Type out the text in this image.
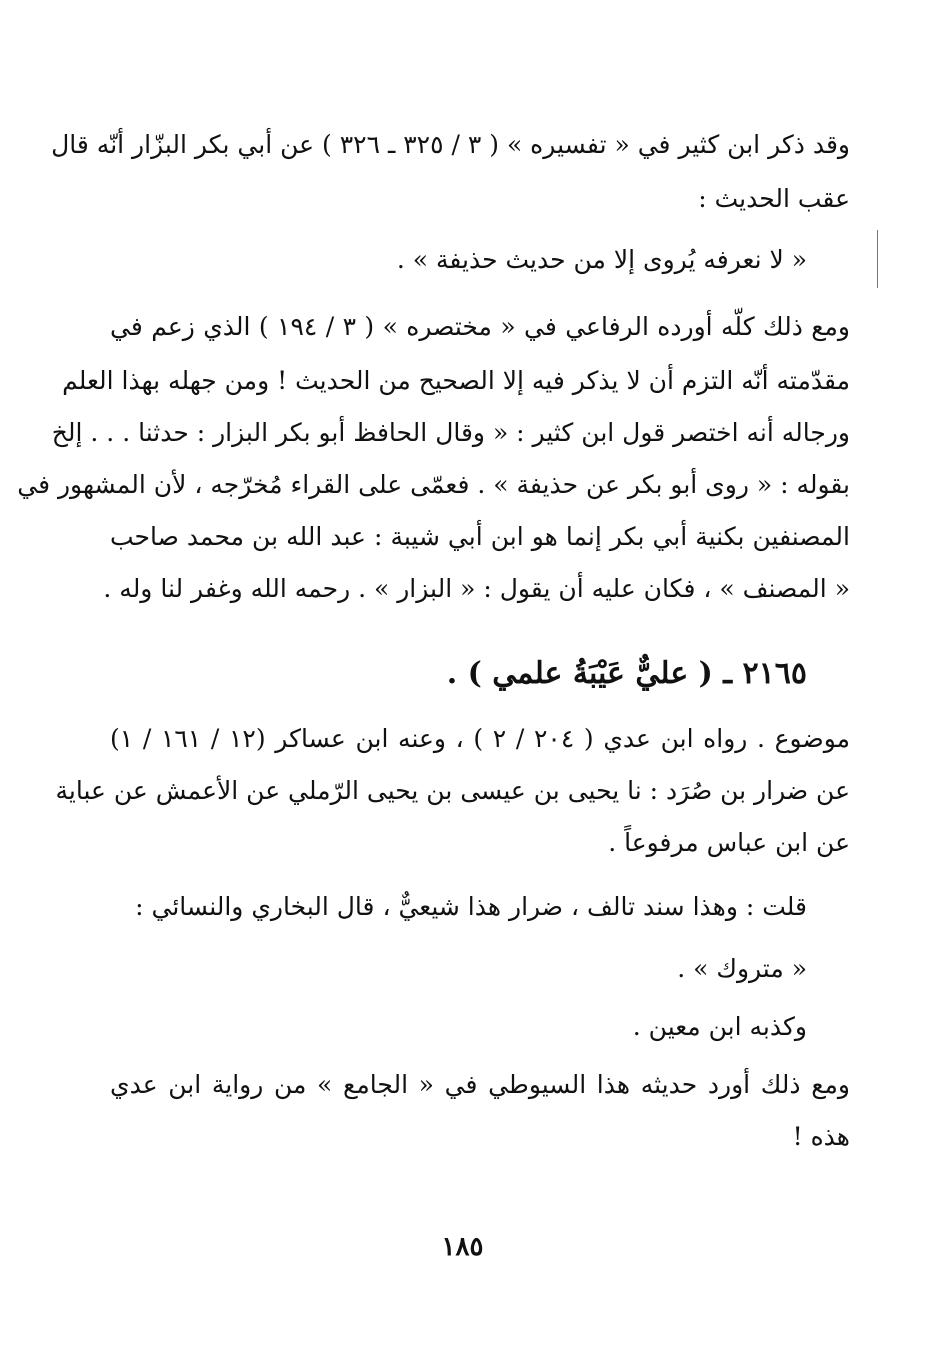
وقد ذكر ابن كثير في « تفسيره » ( ٣ / ٣٢٥ ـ ٣٢٦ ) عن أبي بكر البزّار أنّه قال
عقب الحديث :
« لا نعرفه يُروى إلا من حديث حذيفة » .
ومع ذلك كلّه أورده الرفاعي في « مختصره » ( ٣ / ١٩٤ ) الذي زعم في
مقدّمته أنّه التزم أن لا يذكر فيه إلا الصحيح من الحديث ! ومن جهله بهذا العلم
ورجاله أنه اختصر قول ابن كثير : « وقال الحافظ أبو بكر البزار : حدثنا . . . إلخ
بقوله : « روى أبو بكر عن حذيفة » . فعمّى على القراء مُخرّجه ، لأن المشهور في
المصنفين بكنية أبي بكر إنما هو ابن أبي شيبة : عبد الله بن محمد صاحب
« المصنف » ، فكان عليه أن يقول : « البزار » . رحمه الله وغفر لنا وله .
٢١٦٥ ـ ( عليٌّ عَيْبَةُ علمي ) .
موضوع . رواه ابن عدي ( ٢٠٤ / ٢ ) ، وعنه ابن عساكر (١٢ / ١٦١ / ١)
عن ضرار بن صُرَد : نا يحيى بن عيسى بن يحيى الرّملي عن الأعمش عن عباية
عن ابن عباس مرفوعاً .
قلت : وهذا سند تالف ، ضرار هذا شيعيٌّ ، قال البخاري والنسائي :
« متروك » .
وكذبه ابن معين .
ومع ذلك أورد حديثه هذا السيوطي في « الجامع » من رواية ابن عدي
هذه !
١٨٥
